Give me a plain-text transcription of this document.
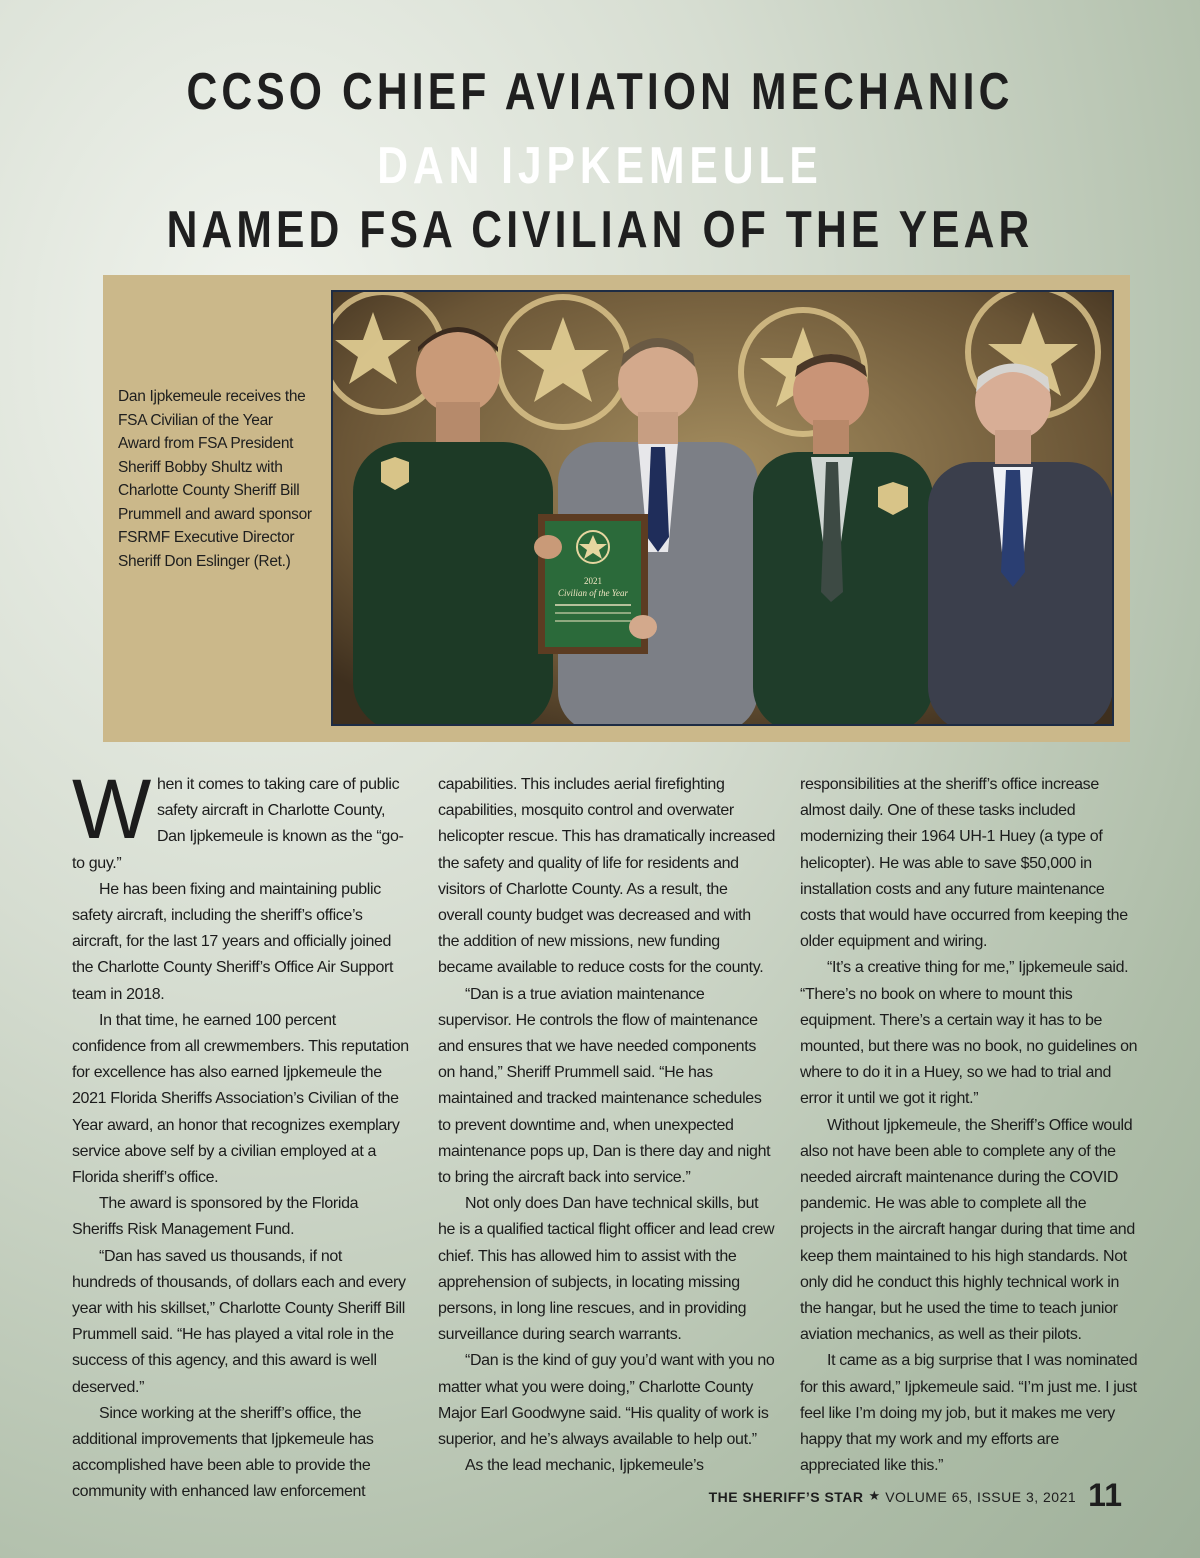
CCSO CHIEF AVIATION MECHANIC
DAN IJPKEMEULE
NAMED FSA CIVILIAN OF THE YEAR
Dan Ijpkemeule receives the FSA Civilian of the Year Award from FSA President Sheriff Bobby Shultz with Charlotte County Sheriff Bill Prummell and award sponsor FSRMF Executive Director Sheriff Don Eslinger (Ret.)
2021
Civilian of the Year

When it comes to taking care of public safety aircraft in Charlotte County, Dan Ijpkemeule is known as the “go-to guy.”

He has been fixing and maintaining public safety aircraft, including the sheriff’s office’s aircraft, for the last 17 years and officially joined the Charlotte County Sheriff’s Office Air Support team in 2018.

In that time, he earned 100 percent confidence from all crewmembers. This reputation for excellence has also earned Ijpkemeule the 2021 Florida Sheriffs Association’s Civilian of the Year award, an honor that recognizes exemplary service above self by a civilian employed at a Florida sheriff’s office.

The award is sponsored by the Florida Sheriffs Risk Management Fund.

“Dan has saved us thousands, if not hundreds of thousands, of dollars each and every year with his skillset,” Charlotte County Sheriff Bill Prummell said. “He has played a vital role in the success of this agency, and this award is well deserved.”

Since working at the sheriff’s office, the additional improvements that Ijpkemeule has accomplished have been able to provide the community with enhanced law enforcement

capabilities. This includes aerial firefighting capabilities, mosquito control and overwater helicopter rescue. This has dramatically increased the safety and quality of life for residents and visitors of Charlotte County. As a result, the overall county budget was decreased and with the addition of new missions, new funding became available to reduce costs for the county.

“Dan is a true aviation maintenance supervisor. He controls the flow of maintenance and ensures that we have needed components on hand,” Sheriff Prummell said. “He has maintained and tracked maintenance schedules to prevent downtime and, when unexpected maintenance pops up, Dan is there day and night to bring the aircraft back into service.”

Not only does Dan have technical skills, but he is a qualified tactical flight officer and lead crew chief. This has allowed him to assist with the apprehension of subjects, in locating missing persons, in long line rescues, and in providing surveillance during search warrants.

“Dan is the kind of guy you’d want with you no matter what you were doing,” Charlotte County Major Earl Goodwyne said. “His quality of work is superior, and he’s always available to help out.”

As the lead mechanic, Ijpkemeule’s

responsibilities at the sheriff’s office increase almost daily. One of these tasks included modernizing their 1964 UH-1 Huey (a type of helicopter). He was able to save $50,000 in installation costs and any future maintenance costs that would have occurred from keeping the older equipment and wiring.

“It’s a creative thing for me,” Ijpkemeule said. “There’s no book on where to mount this equipment. There’s a certain way it has to be mounted, but there was no book, no guidelines on where to do it in a Huey, so we had to trial and error it until we got it right.”

Without Ijpkemeule, the Sheriff’s Office would also not have been able to complete any of the needed aircraft maintenance during the COVID pandemic. He was able to complete all the projects in the aircraft hangar during that time and keep them maintained to his high standards. Not only did he conduct this highly technical work in the hangar, but he used the time to teach junior aviation mechanics, as well as their pilots.

It came as a big surprise that I was nominated for this award,” Ijpkemeule said. “I’m just me. I just feel like I’m doing my job, but it makes me very happy that my work and my efforts are appreciated like this.”

THE SHERIFF’S STAR ★ VOLUME 65, ISSUE 3, 2021 11
